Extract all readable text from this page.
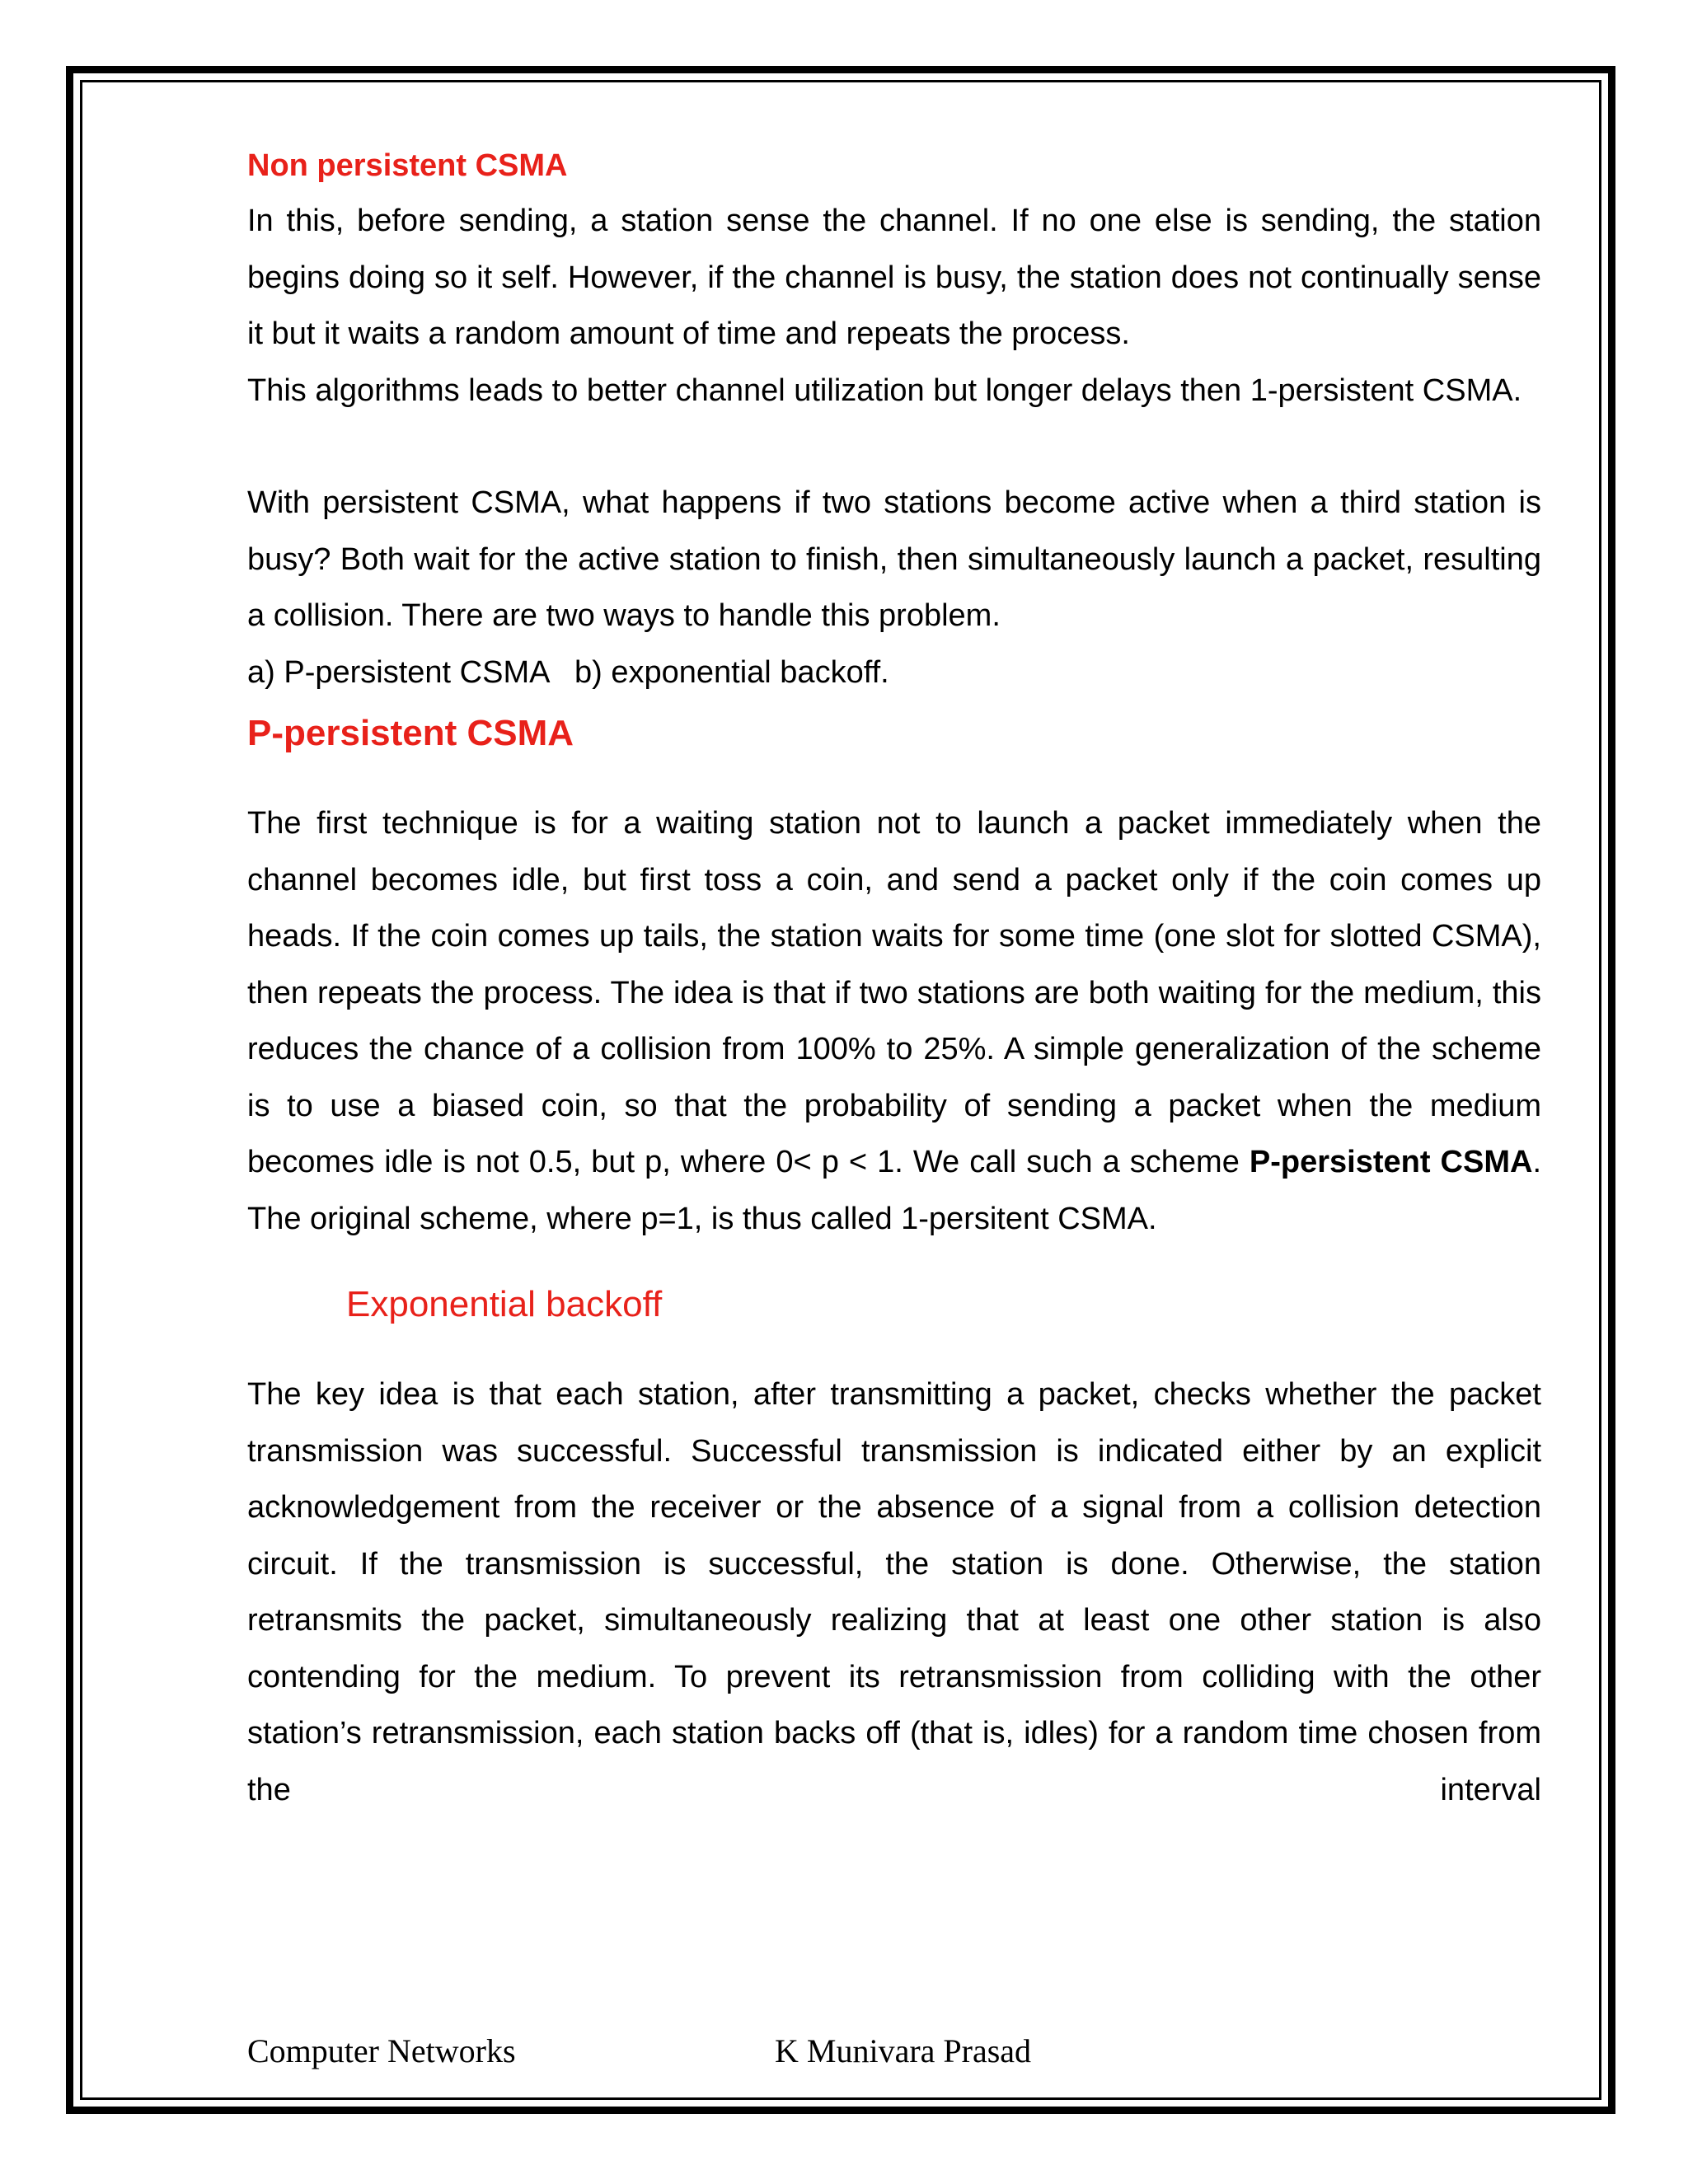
Non persistent CSMA

In this, before sending, a station sense the channel. If no one else is sending, the station begins doing so it self. However, if the channel is busy, the station does not continually sense it but it waits a random amount of time and repeats the process.

This algorithms leads to better channel utilization but longer delays then 1-persistent CSMA.

With persistent CSMA, what happens if two stations become active when a third station is busy? Both wait for the active station to finish, then simultaneously launch a packet, resulting a collision. There are two ways to handle this problem.

a) P-persistent CSMA   b) exponential backoff.

P-persistent CSMA

The first technique is for a waiting station not to launch a packet immediately when the channel becomes idle, but first toss a coin, and send a packet only if the coin comes up heads. If the coin comes up tails, the station waits for some time (one slot for slotted CSMA), then repeats the process. The idea is that if two stations are both waiting for the medium, this reduces the chance of a collision from 100% to 25%. A simple generalization of the scheme is to use a biased coin, so that the probability of sending a packet when the medium becomes idle is not 0.5, but p, where 0< p < 1. We call such a scheme P-persistent CSMA. The original scheme, where p=1, is thus called 1-persitent CSMA.

Exponential backoff

The key idea is that each station, after transmitting a packet, checks whether the packet transmission was successful. Successful transmission is indicated either by an explicit acknowledgement from the receiver or the absence of a signal from a collision detection circuit. If the transmission is successful, the station is done. Otherwise, the station retransmits the packet, simultaneously realizing that at least one other station is also contending for the medium. To prevent its retransmission from colliding with the other station’s retransmission, each station backs off (that is, idles) for a random time chosen from the interval

Computer Networks	K Munivara Prasad
